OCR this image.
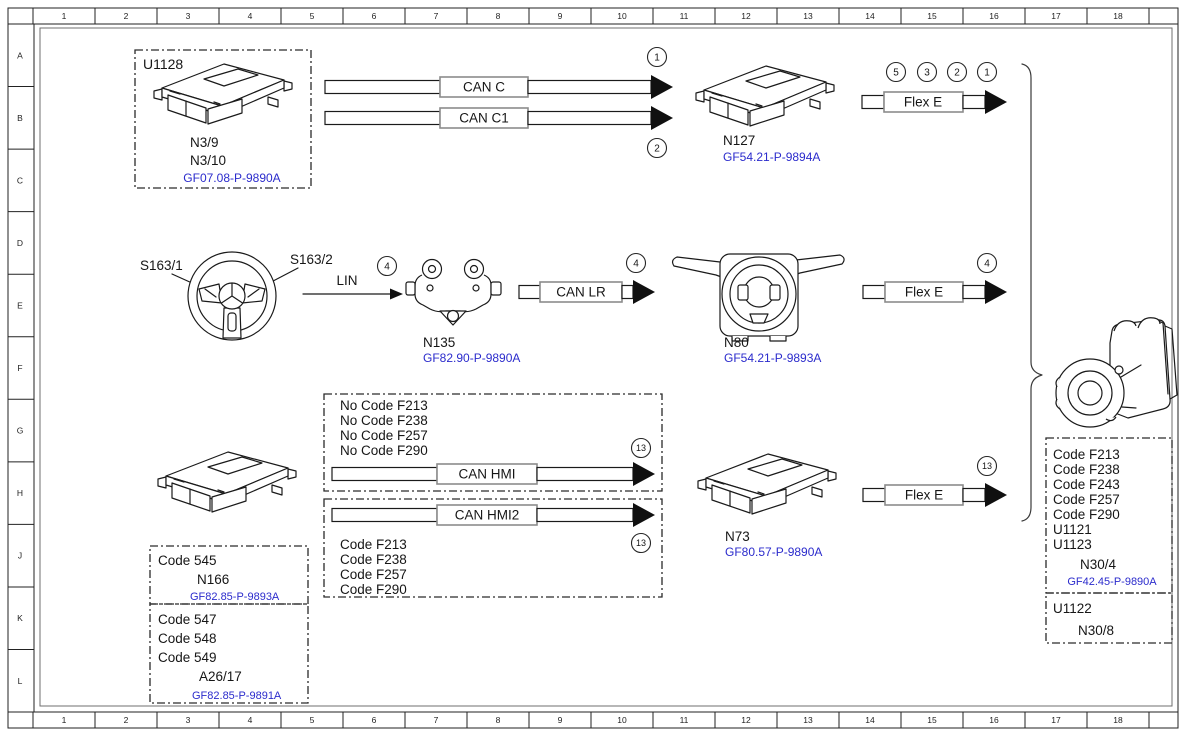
1
1
2
2
3
3
4
4
5
5
6
6
7
7
8
8
9
9
10
10
11
11
12
12
13
13
14
14
15
15
16
16
17
17
18
18
A
B
C
D
E
F
G
H
J
K
L
U1128
N3/9
N3/10
GF07.08-P-9890A
CAN C
1
CAN C1
2
N127
GF54.21-P-9894A
5	3 2 1
Flex E
S163/1	S163/2
LIN
4
N135
GF82.90-P-9890A
CAN LR
4
N80
GF54.21-P-9893A
4
Flex E
Code 545
N166
GF82.85-P-9893A
Code 547
Code 548
Code 549
A26/17
GF82.85-P-9891A
No Code F213
No Code F238
No Code F257
No Code F290
CAN HMI
13
CAN HMI2
13
Code F213
Code F238
Code F257
Code F290
N73
GF80.57-P-9890A
13
Flex E
Code F213
Code F238
Code F243
Code F257
Code F290
U1121
U1123
N30/4
GF42.45-P-9890A
U1122
N30/8
